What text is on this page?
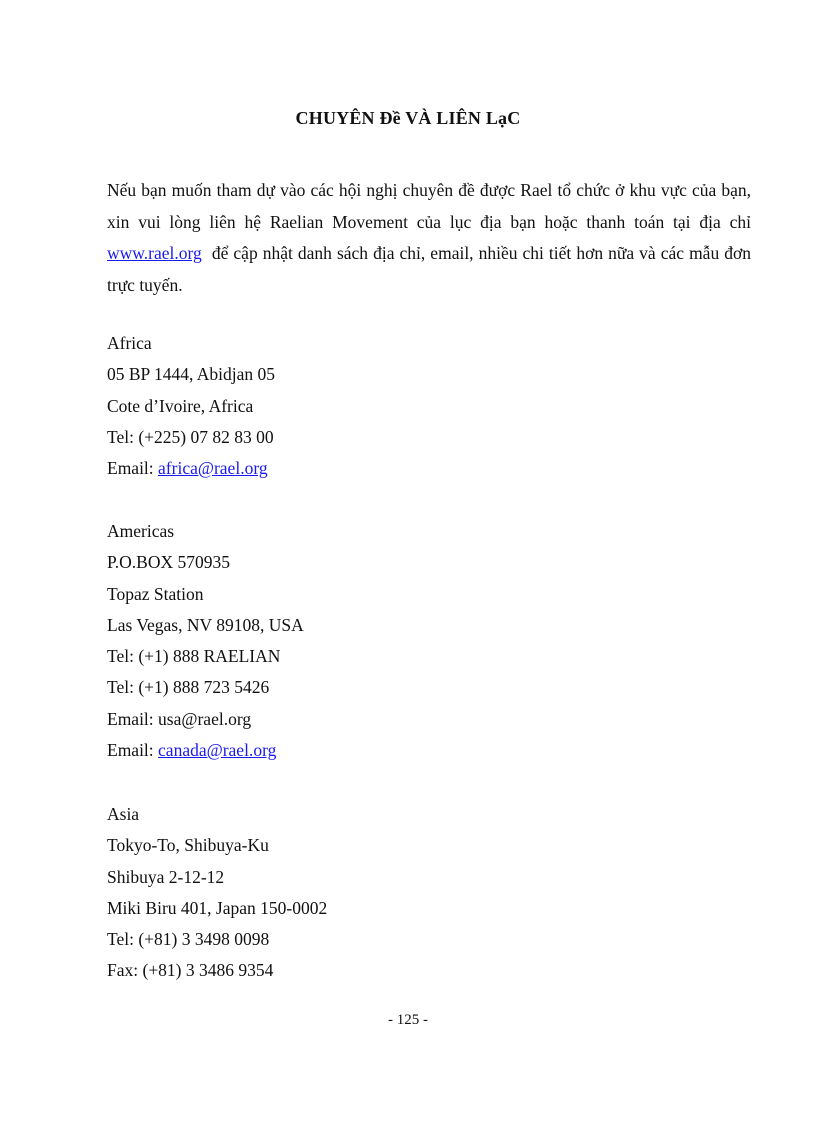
CHUYÊN Đề VÀ LIÊN LạC

Nếu bạn muốn tham dự vào các hội nghị chuyên đề được Rael tổ chức ở khu vực của bạn, xin vui lòng liên hệ Raelian Movement của lục địa bạn hoặc thanh toán tại địa chỉ www.rael.org  để cập nhật danh sách địa chỉ, email, nhiều chi tiết hơn nữa và các mẫu đơn trực tuyến.

Africa
05 BP 1444, Abidjan 05
Cote d’Ivoire, Africa
Tel: (+225) 07 82 83 00
Email: africa@rael.org
Americas
P.O.BOX 570935
Topaz Station
Las Vegas, NV 89108, USA
Tel: (+1) 888 RAELIAN
Tel: (+1) 888 723 5426
Email: usa@rael.org
Email: canada@rael.org
Asia
Tokyo-To, Shibuya-Ku
Shibuya 2-12-12
Miki Biru 401, Japan 150-0002
Tel: (+81) 3 3498 0098
Fax: (+81) 3 3486 9354
- 125 -
